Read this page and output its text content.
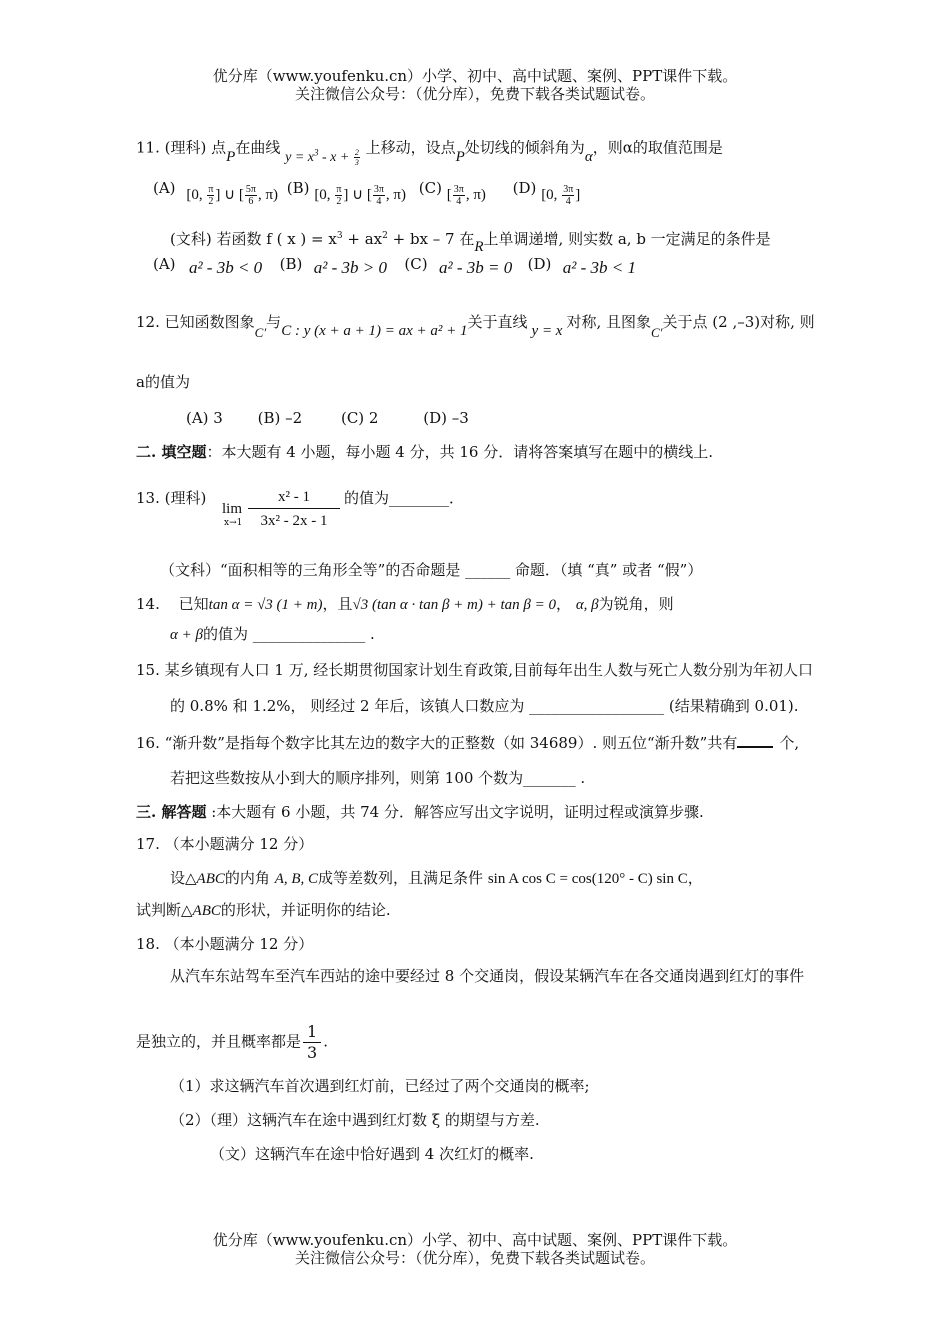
优分库（www.youfenku.cn）小学、初中、高中试题、案例、PPT课件下载。
关注微信公众号：（优分库），免费下载各类试题试卷。
11. (理科) 点P在曲线 $y = x^3 - x + \frac{2}{3}$
上移动，设点P处切线的倾斜角为α，则α的取值范围是
(A) [0, $\frac{\pi}{2}$ ] ∪ [ $\frac{5\pi}{6}$ , π) (B) [0, $\frac{\pi}{2}$ ] ∪ [ $\frac{3\pi}{4}$ , π) (C) [ $\frac{3\pi}{4}$ , π) (D) [0, $\frac{3\pi}{4}$ ]
(文科) 若函数 f ( x ) = $x^3 + ax^2$ + bx – 7 在R上单调递增, 则实数 a, b 一定满足的条件是
(A) a² - 3b < 0 (B) a² - 3b > 0 (C) a² - 3b = 0 (D) a² - 3b < 1
12. 已知函数图象C′与C : y (x + a + 1) = ax + a² + 1关于直线 y = x 对称, 且图象C′关于点 (2 ,–3)对称, 则
a的值为
(A) 3 (B) –2	(C) 2	(D) –3
二. 填空题：本大题有 4 小题，每小题 4 分，共 16 分．请将答案填写在题中的横线上.
13. (理科)
lim
$x\to 1 \frac{\text{x² - 1}}{\text{3x² - 2x - 1}}$ 的值为________．
（文科）“面积相等的三角形全等”的否命题是 ______ 命题．（填 “真” 或者 “假”）
14. 已知tan α = √3 (1 + m)，且√3 (tan α · tan β + m) + tan β = 0， α, β为锐角，则
α + β的值为 _______________ .
15. 某乡镇现有人口 1 万, 经长期贯彻国家计划生育政策,目前每年出生人数与死亡人数分别为年初人口
的 0.8% 和 1.2%， 则经过 2 年后，该镇人口数应为 __________________ (结果精确到 0.01).
16. “渐升数”是指每个数字比其左边的数字大的正整数（如 34689）. 则五位“渐升数”共有	个,
若把这些数按从小到大的顺序排列，则第 100 个数为_______ .
三. 解答题 :本大题有 6 小题，共 74 分．解答应写出文字说明，证明过程或演算步骤.
17. （本小题满分 12 分）
设△ABC的内角 A, B, C成等差数列，且满足条件 sin A cos C = cos(120° - C) sin C，
试判断△ABC的形状，并证明你的结论.
18. （本小题满分 12 分）
从汽车东站驾车至汽车西站的途中要经过 8 个交通岗，假设某辆汽车在各交通岗遇到红灯的事件
是独立的，并且概率都是 $\frac{1}{3}$ .
（1）求这辆汽车首次遇到红灯前，已经过了两个交通岗的概率;
（2）（理）这辆汽车在途中遇到红灯数 ξ 的期望与方差.
（文）这辆汽车在途中恰好遇到 4 次红灯的概率.
优分库（www.youfenku.cn）小学、初中、高中试题、案例、PPT课件下载。
关注微信公众号：（优分库），免费下载各类试题试卷。
